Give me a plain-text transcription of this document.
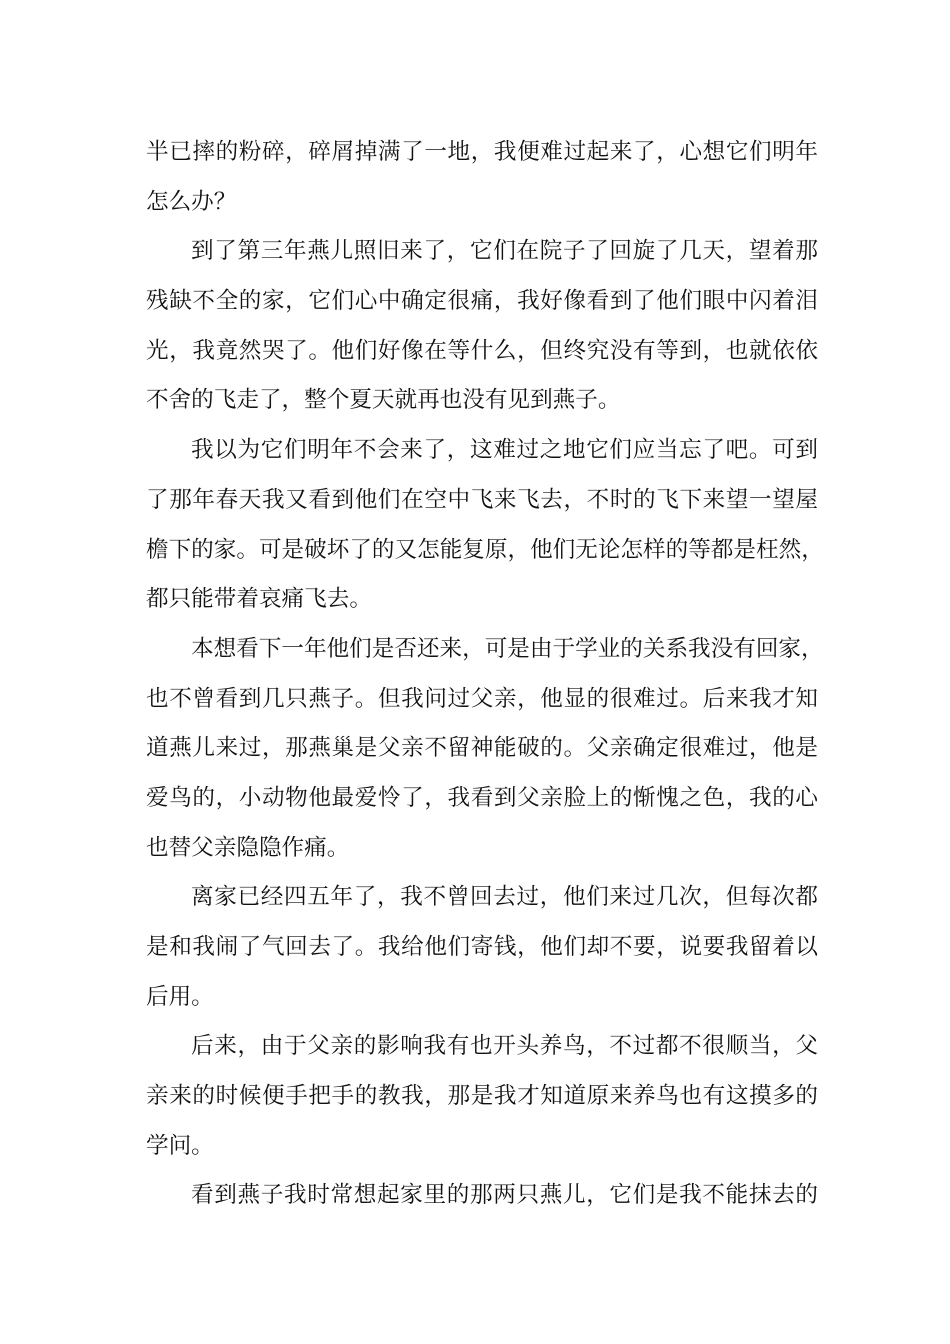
半已摔的粉碎，碎屑掉满了一地，我便难过起来了，心想它们明年
怎么办？
到了第三年燕儿照旧来了，它们在院子了回旋了几天，望着那
残缺不全的家，它们心中确定很痛，我好像看到了他们眼中闪着泪
光，我竟然哭了。他们好像在等什么，但终究没有等到，也就依依
不舍的飞走了，整个夏天就再也没有见到燕子。
我以为它们明年不会来了，这难过之地它们应当忘了吧。可到
了那年春天我又看到他们在空中飞来飞去，不时的飞下来望一望屋
檐下的家。可是破坏了的又怎能复原，他们无论怎样的等都是枉然，
都只能带着哀痛飞去。
本想看下一年他们是否还来，可是由于学业的关系我没有回家，
也不曾看到几只燕子。但我问过父亲，他显的很难过。后来我才知
道燕儿来过，那燕巢是父亲不留神能破的。父亲确定很难过，他是
爱鸟的，小动物他最爱怜了，我看到父亲脸上的惭愧之色，我的心
也替父亲隐隐作痛。
离家已经四五年了，我不曾回去过，他们来过几次，但每次都
是和我闹了气回去了。我给他们寄钱，他们却不要，说要我留着以
后用。
后来，由于父亲的影响我有也开头养鸟，不过都不很顺当，父
亲来的时候便手把手的教我，那是我才知道原来养鸟也有这摸多的
学问。
看到燕子我时常想起家里的那两只燕儿，它们是我不能抹去的
